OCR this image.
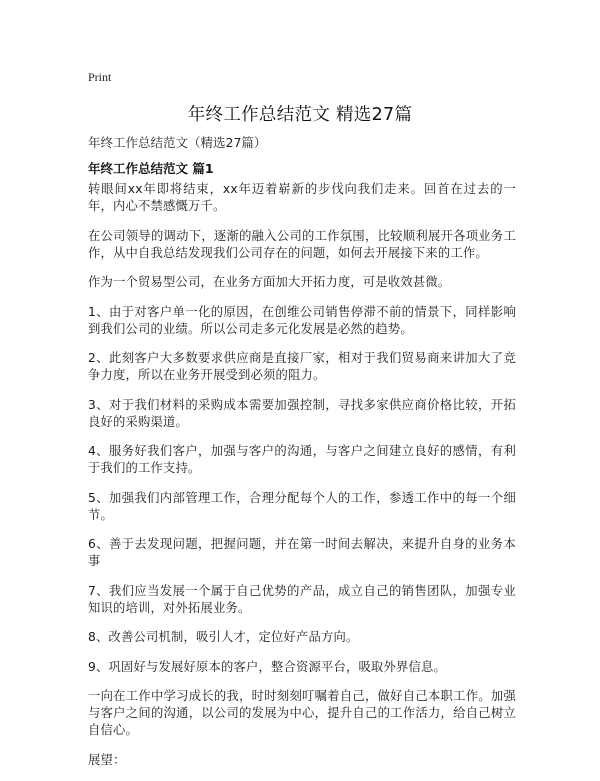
Print
年终工作总结范文 精选27篇
年终工作总结范文（精选27篇）
年终工作总结范文 篇1

转眼间xx年即将结束，xx年迈着崭新的步伐向我们走来。回首在过去的一年，内心不禁感慨万千。

在公司领导的调动下，逐渐的融入公司的工作氛围，比较顺利展开各项业务工作，从中自我总结发现我们公司存在的问题，如何去开展接下来的工作。

作为一个贸易型公司，在业务方面加大开拓力度，可是收效甚微。

1、由于对客户单一化的原因，在创维公司销售停滞不前的情景下，同样影响到我们公司的业绩。所以公司走多元化发展是必然的趋势。

2、此刻客户大多数要求供应商是直接厂家，相对于我们贸易商来讲加大了竞争力度，所以在业务开展受到必须的阻力。

3、对于我们材料的采购成本需要加强控制，寻找多家供应商价格比较，开拓良好的采购渠道。

4、服务好我们客户，加强与客户的沟通，与客户之间建立良好的感情，有利于我们的工作支持。

5、加强我们内部管理工作，合理分配每个人的工作，参透工作中的每一个细节。

6、善于去发现问题，把握问题，并在第一时间去解决，来提升自身的业务本事

7、我们应当发展一个属于自己优势的产品，成立自己的销售团队，加强专业知识的培训，对外拓展业务。

8、改善公司机制，吸引人才，定位好产品方向。

9、巩固好与发展好原本的客户，整合资源平台，吸取外界信息。

一向在工作中学习成长的我，时时刻刻叮嘱着自己，做好自己本职工作。加强与客户之间的沟通，以公司的发展为中心，提升自己的工作活力，给自己树立自信心。

展望：
